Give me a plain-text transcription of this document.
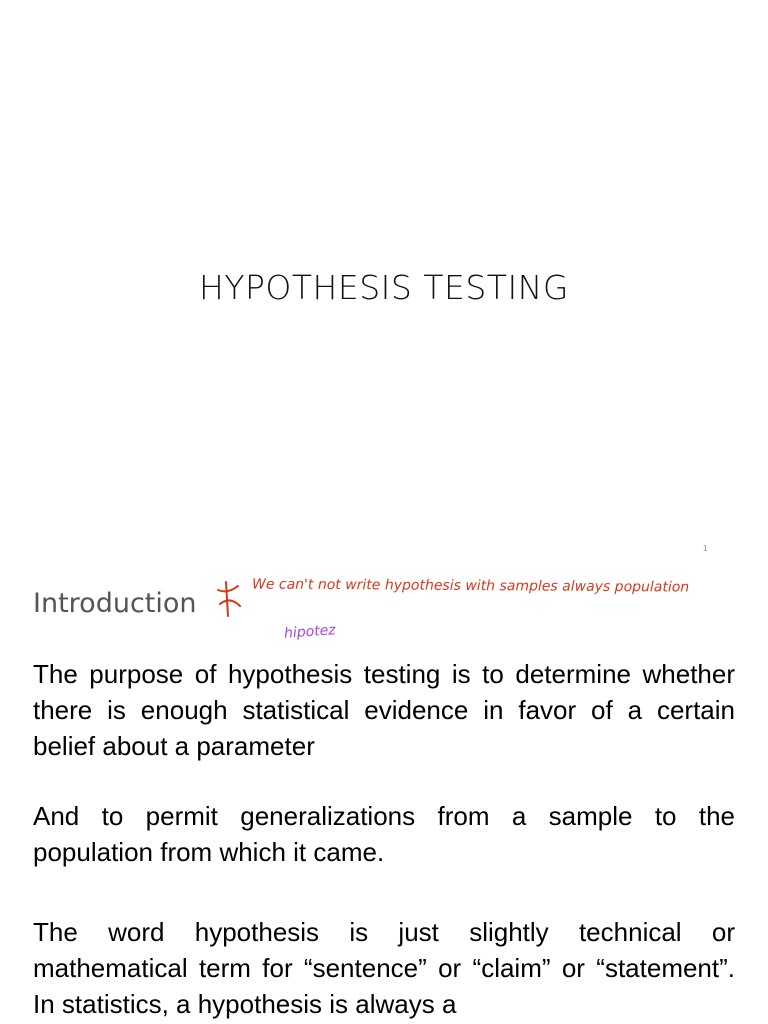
HYPOTHESIS TESTING
1
Introduction
We can't not write hypothesis with samples always population
hipotez
The purpose of hypothesis testing is to determine whether there is enough statistical evidence in favor of a certain belief about a parameter
And to permit generalizations from a sample to the population from which it came.
The word hypothesis is just slightly technical or mathematical term for “sentence” or “claim” or “statement”. In statistics, a hypothesis is always a
